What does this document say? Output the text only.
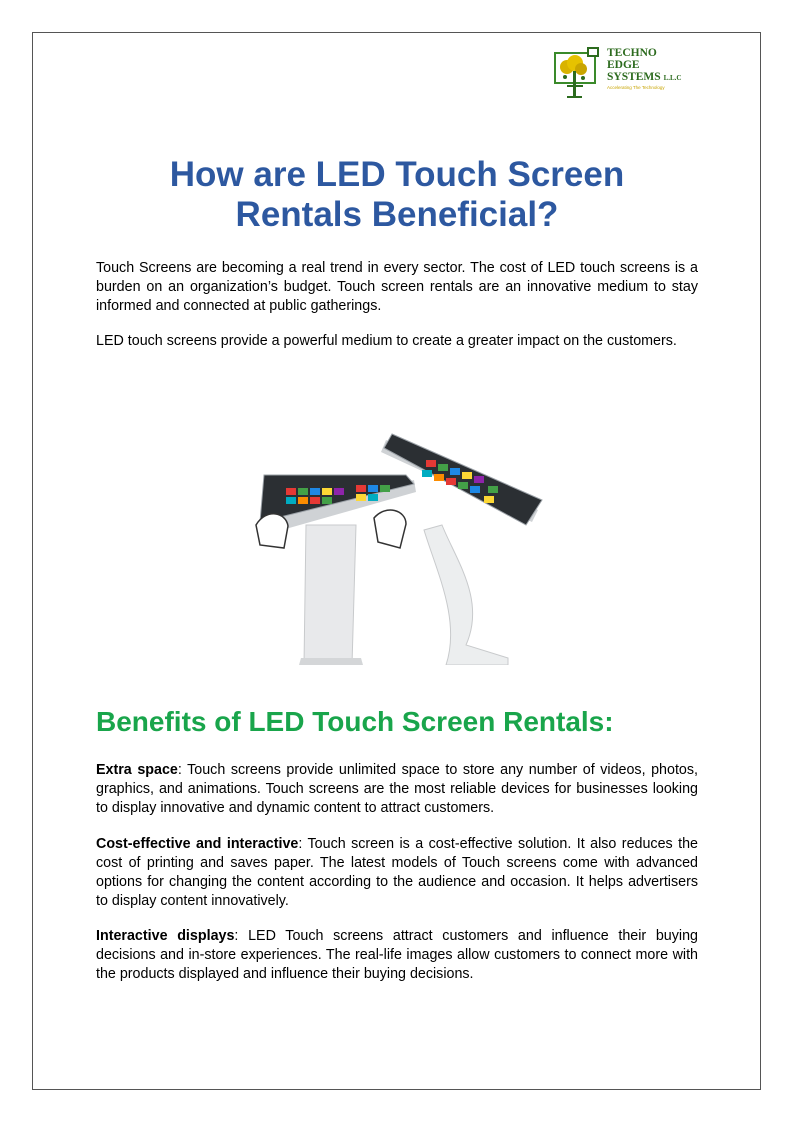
TECHNO
EDGE
SYSTEMS L.L.C
Accelerating The Technology
How are LED Touch Screen
Rentals Beneficial?

Touch Screens are becoming a real trend in every sector. The cost of LED touch screens is a burden on an organization’s budget. Touch screen rentals are an innovative medium to stay informed and connected at public gatherings.

LED touch screens provide a powerful medium to create a greater impact on the customers.

Benefits of LED Touch Screen Rentals:

Extra space: Touch screens provide unlimited space to store any number of videos, photos, graphics, and animations. Touch screens are the most reliable devices for businesses looking to display innovative and dynamic content to attract customers.

Cost-effective and interactive: Touch screen is a cost-effective solution. It also reduces the cost of printing and saves paper. The latest models of Touch screens come with advanced options for changing the content according to the audience and occasion. It helps advertisers to display content innovatively.

Interactive displays: LED Touch screens attract customers and influence their buying decisions and in-store experiences. The real-life images allow customers to connect more with the products displayed and influence their buying decisions.
